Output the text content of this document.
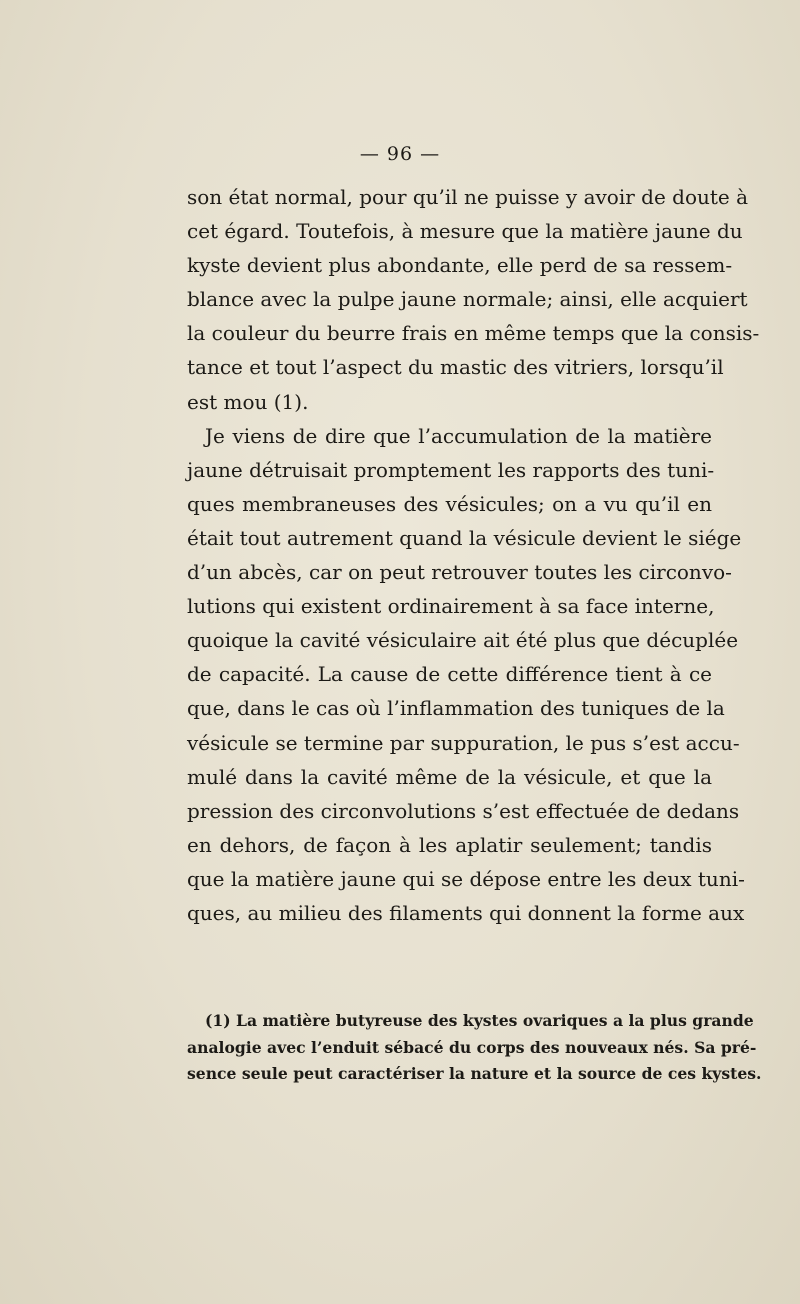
— 96 —
son état normal, pour qu’il ne puisse y avoir de doute à
cet égard. Toutefois, à mesure que la matière jaune du
kyste devient plus abondante, elle perd de sa ressem-
blance avec la pulpe jaune normale; ainsi, elle acquiert
la couleur du beurre frais en même temps que la consis-
tance et tout l’aspect du mastic des vitriers, lorsqu’il
est mou (1).
Je viens de dire que l’accumulation de la matière
jaune détruisait promptement les rapports des tuni-
ques membraneuses des vésicules; on a vu qu’il en
était tout autrement quand la vésicule devient le siége
d’un abcès, car on peut retrouver toutes les circonvo-
lutions qui existent ordinairement à sa face interne,
quoique la cavité vésiculaire ait été plus que décuplée
de capacité. La cause de cette différence tient à ce
que, dans le cas où l’inflammation des tuniques de la
vésicule se termine par suppuration, le pus s’est accu-
mulé dans la cavité même de la vésicule, et que la
pression des circonvolutions s’est effectuée de dedans
en dehors, de façon à les aplatir seulement; tandis
que la matière jaune qui se dépose entre les deux tuni-
ques, au milieu des filaments qui donnent la forme aux
(1) La matière butyreuse des kystes ovariques a la plus grande
analogie avec l’enduit sébacé du corps des nouveaux nés. Sa pré-
sence seule peut caractériser la nature et la source de ces kystes.
